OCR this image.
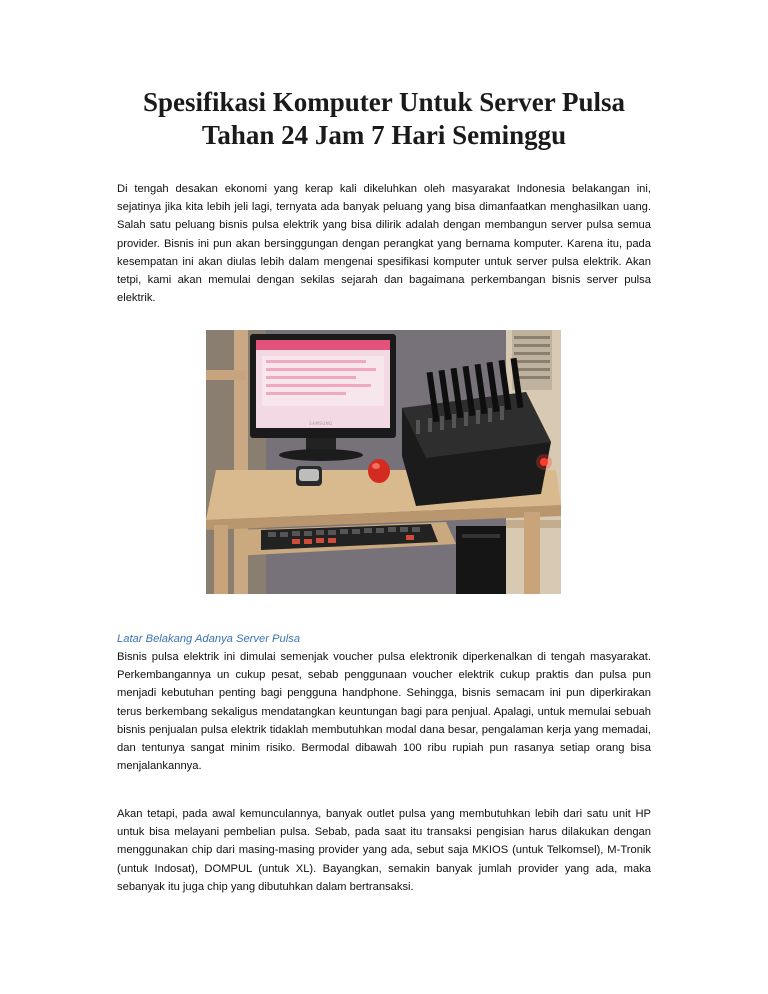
Spesifikasi Komputer Untuk Server Pulsa
Tahan 24 Jam 7 Hari Seminggu

Di tengah desakan ekonomi yang kerap kali dikeluhkan oleh masyarakat Indonesia belakangan ini, sejatinya jika kita lebih jeli lagi, ternyata ada banyak peluang yang bisa dimanfaatkan menghasilkan uang. Salah satu peluang bisnis pulsa elektrik yang bisa dilirik adalah dengan membangun server pulsa semua provider. Bisnis ini pun akan bersinggungan dengan perangkat yang bernama komputer. Karena itu, pada kesempatan ini akan diulas lebih dalam mengenai spesifikasi komputer untuk server pulsa elektrik. Akan tetpi, kami akan memulai dengan sekilas sejarah dan bagaimana perkembangan bisnis server pulsa elektrik.

SAMSUNG

Latar Belakang Adanya Server Pulsa

Bisnis pulsa elektrik ini dimulai semenjak voucher pulsa elektronik diperkenalkan di tengah masyarakat. Perkembangannya un cukup pesat, sebab penggunaan voucher elektrik cukup praktis dan pulsa pun menjadi kebutuhan penting bagi pengguna handphone. Sehingga, bisnis semacam ini pun diperkirakan terus berkembang sekaligus mendatangkan keuntungan bagi para penjual. Apalagi, untuk memulai sebuah bisnis penjualan pulsa elektrik tidaklah membutuhkan modal dana besar, pengalaman kerja yang memadai, dan tentunya sangat minim risiko. Bermodal dibawah 100 ribu rupiah pun rasanya setiap orang bisa menjalankannya.

Akan tetapi, pada awal kemunculannya, banyak outlet pulsa yang membutuhkan lebih dari satu unit HP untuk bisa melayani pembelian pulsa. Sebab, pada saat itu transaksi pengisian harus dilakukan dengan menggunakan chip dari masing-masing provider yang ada, sebut saja MKIOS (untuk Telkomsel), M-Tronik (untuk Indosat), DOMPUL (untuk XL). Bayangkan, semakin banyak jumlah provider yang ada, maka sebanyak itu juga chip yang dibutuhkan dalam bertransaksi.
